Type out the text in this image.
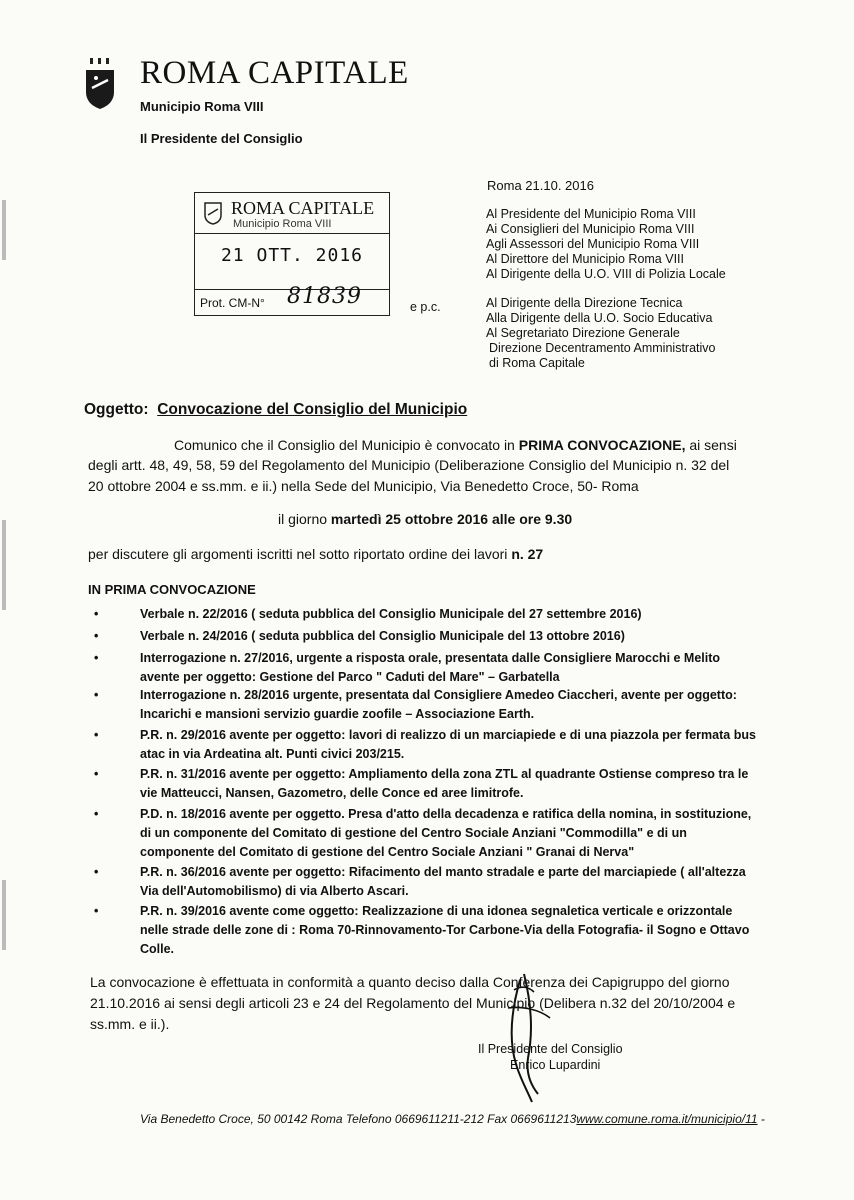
ROMA CAPITALE
Municipio Roma VIII
Il Presidente del Consiglio
ROMA CAPITALE
Municipio Roma VIII
21 OTT. 2016
Prot. CM-N° 81839	e p.c.
Roma 21.10. 2016
Al Presidente del Municipio Roma VIII
Ai Consiglieri del Municipio Roma VIII
Agli Assessori del Municipio Roma VIII
Al Direttore del Municipio Roma VIII
Al Dirigente della U.O. VIII di Polizia Locale
Al Dirigente della Direzione Tecnica
Alla Dirigente della U.O. Socio Educativa
Al Segretariato Direzione Generale
Direzione Decentramento Amministrativo
di Roma Capitale
Oggetto: Convocazione del Consiglio del Municipio
Comunico che il Consiglio del Municipio è convocato in PRIMA CONVOCAZIONE, ai sensi
degli artt. 48, 49, 58, 59 del Regolamento del Municipio (Deliberazione Consiglio del Municipio n. 32 del
20 ottobre 2004 e ss.mm. e ii.) nella Sede del Municipio, Via Benedetto Croce, 50- Roma
il giorno martedì 25 ottobre 2016 alle ore 9.30
per discutere gli argomenti iscritti nel sotto riportato ordine dei lavori n. 27
IN PRIMA CONVOCAZIONE
•	Verbale n. 22/2016 ( seduta pubblica del Consiglio Municipale del 27 settembre 2016)
•	Verbale n. 24/2016 ( seduta pubblica del Consiglio Municipale del 13 ottobre 2016)
•	Interrogazione n. 27/2016, urgente a risposta orale, presentata dalle Consigliere Marocchi e Melito
avente per oggetto: Gestione del Parco " Caduti del Mare" – Garbatella
•	Interrogazione n. 28/2016 urgente, presentata dal Consigliere Amedeo Ciaccheri, avente per oggetto:
Incarichi e mansioni servizio guardie zoofile – Associazione Earth.
•	P.R. n. 29/2016 avente per oggetto: lavori di realizzo di un marciapiede e di una piazzola per fermata bus
atac in via Ardeatina alt. Punti civici 203/215.
•	P.R. n. 31/2016 avente per oggetto: Ampliamento della zona ZTL al quadrante Ostiense compreso tra le
vie Matteucci, Nansen, Gazometro, delle Conce ed aree limitrofe.
•	P.D. n. 18/2016 avente per oggetto. Presa d'atto della decadenza e ratifica della nomina, in sostituzione,
di un componente del Comitato di gestione del Centro Sociale Anziani "Commodilla" e di un
componente del Comitato di gestione del Centro Sociale Anziani " Granai di Nerva"
•	P.R. n. 36/2016 avente per oggetto: Rifacimento del manto stradale e parte del marciapiede ( all'altezza
Via dell'Automobilismo) di via Alberto Ascari.
•	P.R. n. 39/2016 avente come oggetto: Realizzazione di una idonea segnaletica verticale e orizzontale
nelle strade delle zone di : Roma 70-Rinnovamento-Tor Carbone-Via della Fotografia- il Sogno e Ottavo
Colle.
La convocazione è effettuata in conformità a quanto deciso dalla Conferenza dei Capigruppo del giorno
21.10.2016 ai sensi degli articoli 23 e 24 del Regolamento del Municipio (Delibera n.32 del 20/10/2004 e
ss.mm. e ii.).
Il Presidente del Consiglio
Enrico Lupardini
Via Benedetto Croce, 50 00142 Roma Telefono 0669611211-212 Fax 0669611213www.comune.roma.it/municipio/11 -
